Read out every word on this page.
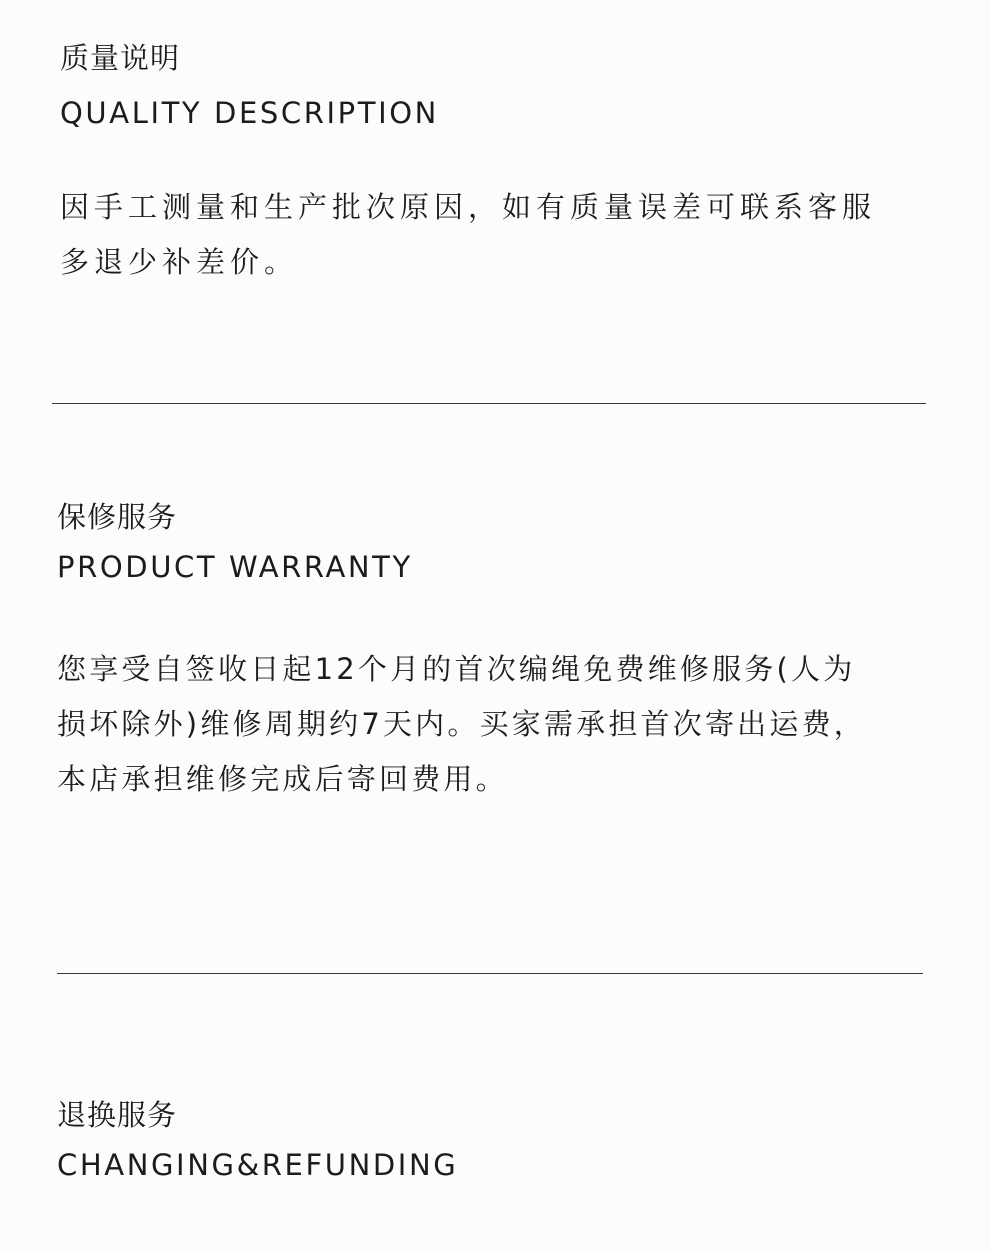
质量说明
QUALITY DESCRIPTION
因手工测量和生产批次原因，如有质量误差可联系客服
多退少补差价。
保修服务
PRODUCT WARRANTY
您享受自签收日起12个月的首次编绳免费维修服务(人为
损坏除外)维修周期约7天内。买家需承担首次寄出运费，
本店承担维修完成后寄回费用。
退换服务
CHANGING&REFUNDING
